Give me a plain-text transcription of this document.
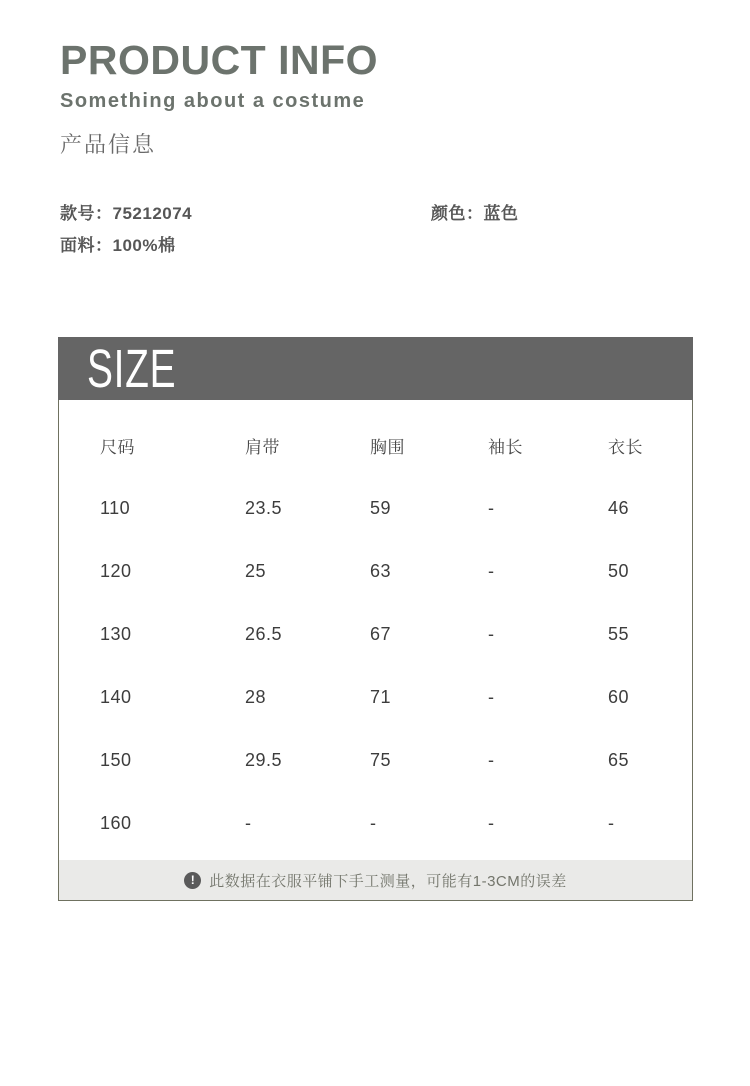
PRODUCT INFO
Something about a costume
产品信息
款号：75212074	颜色：蓝色
面料：100%棉
SIZE
尺码	肩带	胸围	袖长	衣长
110	23.5	59	-	46
120	25	63	-	50
130	26.5	67	-	55
140	28	71	-	60
150	29.5	75	-	65
160	-	-	-	-
! 此数据在衣服平铺下手工测量，可能有1-3CM的误差
